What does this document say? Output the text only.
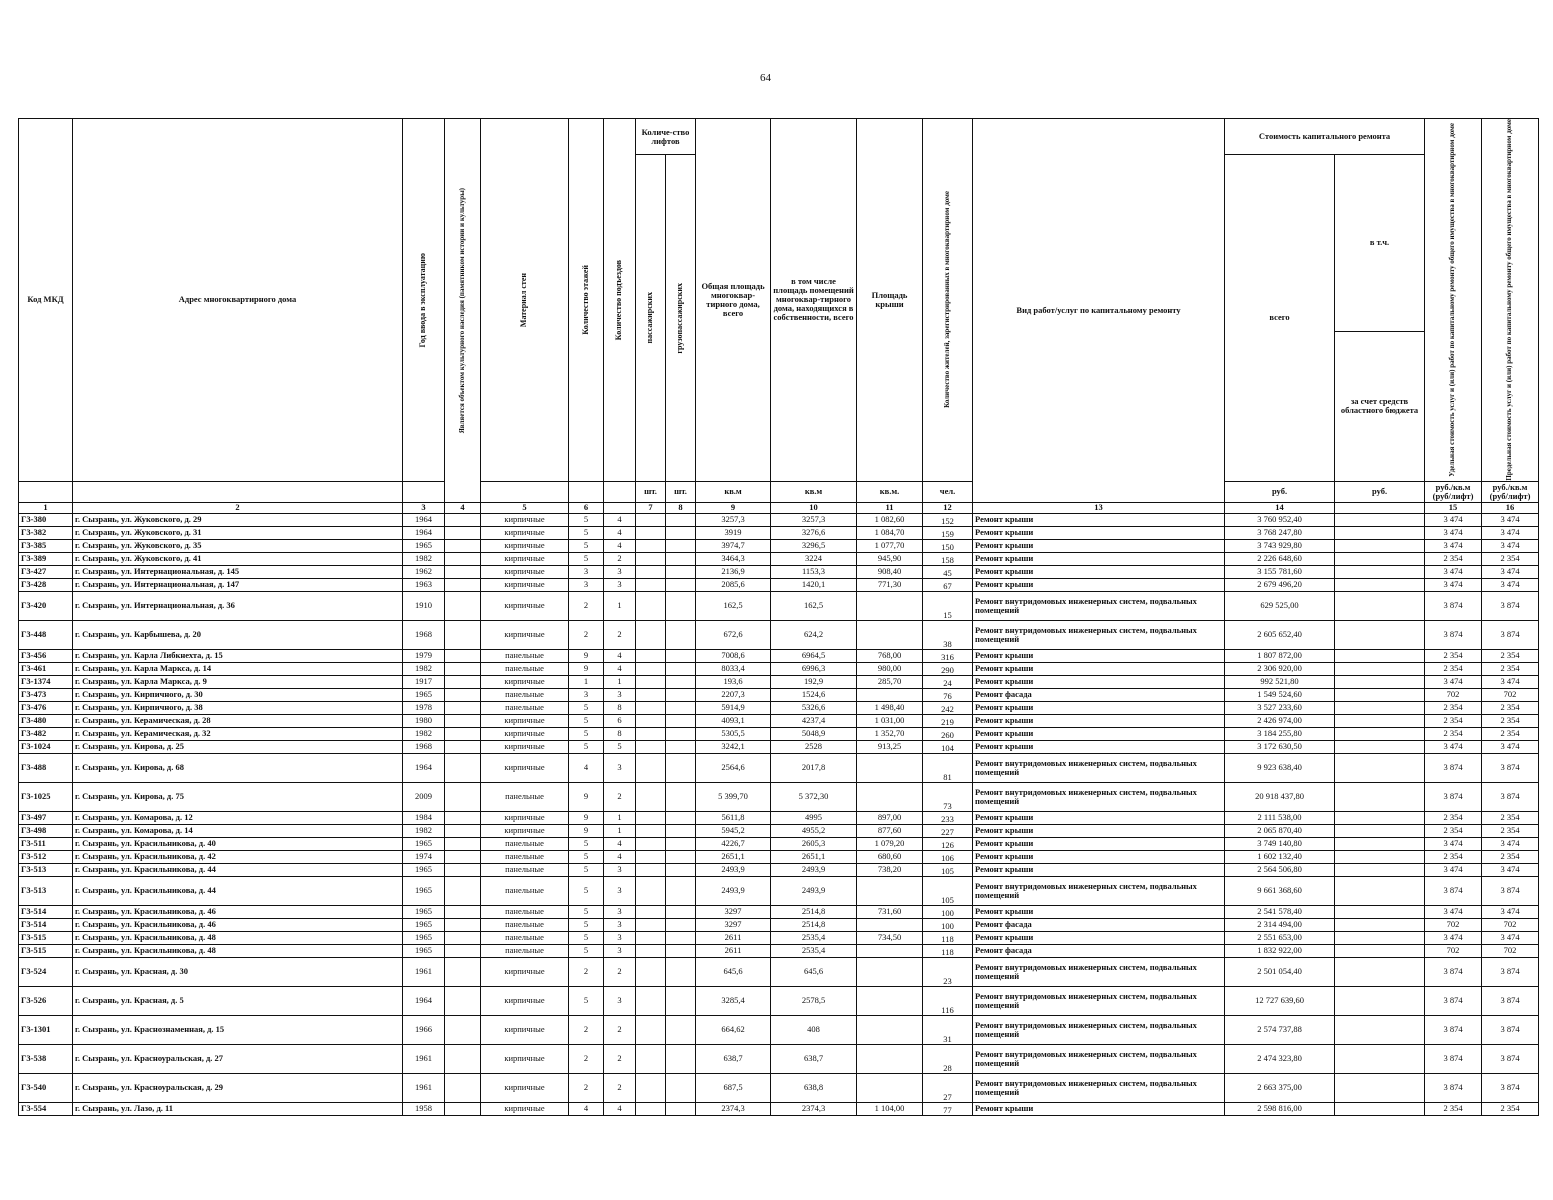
64
Код МКД	Адрес многоквартирного дома	Год ввода в эксплуатацию	Является объектом культурного наследия (памятником истории и культуры)	Материал стен	Количество этажей	Количество подъездов	Количе-ство лифтов		Общая площадь многоквар-тирного дома, всего	в том числе площадь помещений многоквар-тирного дома, находящихся в собственности, всего	Площадь крыши	Количество жителей, зарегистрированных в многоквартирном доме	Вид работ/услуг по капитальному ремонту	Стоимость капитального ремонта		Удельная стоимость услуг и (или) работ по капитальному ремонту общего имущества в многоквартирном доме	Предельная стоимость услуг и (или) работ по капитальному ремонту общего имущества в многоквартирном доме

							пассажирских	грузопассажирских						всего	в т.ч.		
															за счет средств областного бюджета		
							шт.	шт.	кв.м	кв.м	кв.м.	чел.		руб.	руб.	руб./кв.м (руб/лифт)	руб./кв.м (руб/лифт)
1	2	3	4	5	6		7	8	9	10	11	12	13	14		15	16
Г3-380	г. Сызрань, ул. Жуковского, д. 29	1964		кирпичные	5	4			3257,3	3257,3	1 082,60	152	Ремонт крыши	3 760 952,40		3 474	3 474
Г3-382	г. Сызрань, ул. Жуковского, д. 31	1964		кирпичные	5	4			3919	3276,6	1 084,70	159	Ремонт крыши	3 768 247,80		3 474	3 474
Г3-385	г. Сызрань, ул. Жуковского, д. 35	1965		кирпичные	5	4			3974,7	3296,5	1 077,70	150	Ремонт крыши	3 743 929,80		3 474	3 474
Г3-389	г. Сызрань, ул. Жуковского, д. 41	1982		кирпичные	5	2			3464,3	3224	945,90	158	Ремонт крыши	2 226 648,60		2 354	2 354
Г3-427	г. Сызрань, ул. Интернациональная, д. 145	1962		кирпичные	3	3			2136,9	1153,3	908,40	45	Ремонт крыши	3 155 781,60		3 474	3 474
Г3-428	г. Сызрань, ул. Интернациональная, д. 147	1963		кирпичные	3	3			2085,6	1420,1	771,30	67	Ремонт крыши	2 679 496,20		3 474	3 474
Г3-420	г. Сызрань, ул. Интернациональная, д. 36	1910		кирпичные	2	1			162,5	162,5		15	Ремонт внутридомовых инженерных систем, подвальных помещений	629 525,00		3 874	3 874
Г3-448	г. Сызрань, ул. Карбышева, д. 20	1968		кирпичные	2	2			672,6	624,2		38	Ремонт внутридомовых инженерных систем, подвальных помещений	2 605 652,40		3 874	3 874
Г3-456	г. Сызрань, ул. Карла Либкнехта, д. 15	1979		панельные	9	4			7008,6	6964,5	768,00	316	Ремонт крыши	1 807 872,00		2 354	2 354
Г3-461	г. Сызрань, ул. Карла Маркса, д. 14	1982		панельные	9	4			8033,4	6996,3	980,00	290	Ремонт крыши	2 306 920,00		2 354	2 354
Г3-1374	г. Сызрань, ул. Карла Маркса, д. 9	1917		кирпичные	1	1			193,6	192,9	285,70	24	Ремонт крыши	992 521,80		3 474	3 474
Г3-473	г. Сызрань, ул. Кирпичного, д. 30	1965		панельные	3	3			2207,3	1524,6		76	Ремонт фасада	1 549 524,60		702	702
Г3-476	г. Сызрань, ул. Кирпичного, д. 38	1978		панельные	5	8			5914,9	5326,6	1 498,40	242	Ремонт крыши	3 527 233,60		2 354	2 354
Г3-480	г. Сызрань, ул. Керамическая, д. 28	1980		кирпичные	5	6			4093,1	4237,4	1 031,00	219	Ремонт крыши	2 426 974,00		2 354	2 354
Г3-482	г. Сызрань, ул. Керамическая, д. 32	1982		кирпичные	5	8			5305,5	5048,9	1 352,70	260	Ремонт крыши	3 184 255,80		2 354	2 354
Г3-1024	г. Сызрань, ул. Кирова, д. 25	1968		кирпичные	5	5			3242,1	2528	913,25	104	Ремонт крыши	3 172 630,50		3 474	3 474
Г3-488	г. Сызрань, ул. Кирова, д. 68	1964		кирпичные	4	3			2564,6	2017,8		81	Ремонт внутридомовых инженерных систем, подвальных помещений	9 923 638,40		3 874	3 874
Г3-1025	г. Сызрань, ул. Кирова, д. 75	2009		панельные	9	2			5 399,70	5 372,30		73	Ремонт внутридомовых инженерных систем, подвальных помещений	20 918 437,80		3 874	3 874
Г3-497	г. Сызрань, ул. Комарова, д. 12	1984		кирпичные	9	1			5611,8	4995	897,00	233	Ремонт крыши	2 111 538,00		2 354	2 354
Г3-498	г. Сызрань, ул. Комарова, д. 14	1982		кирпичные	9	1			5945,2	4955,2	877,60	227	Ремонт крыши	2 065 870,40		2 354	2 354
Г3-511	г. Сызрань, ул. Красильникова, д. 40	1965		панельные	5	4			4226,7	2605,3	1 079,20	126	Ремонт крыши	3 749 140,80		3 474	3 474
Г3-512	г. Сызрань, ул. Красильникова, д. 42	1974		панельные	5	4			2651,1	2651,1	680,60	106	Ремонт крыши	1 602 132,40		2 354	2 354
Г3-513	г. Сызрань, ул. Красильникова, д. 44	1965		панельные	5	3			2493,9	2493,9	738,20	105	Ремонт крыши	2 564 506,80		3 474	3 474
Г3-513	г. Сызрань, ул. Красильникова, д. 44	1965		панельные	5	3			2493,9	2493,9		105	Ремонт внутридомовых инженерных систем, подвальных помещений	9 661 368,60		3 874	3 874
Г3-514	г. Сызрань, ул. Красильникова, д. 46	1965		панельные	5	3			3297	2514,8	731,60	100	Ремонт крыши	2 541 578,40		3 474	3 474
Г3-514	г. Сызрань, ул. Красильникова, д. 46	1965		панельные	5	3			3297	2514,8		100	Ремонт фасада	2 314 494,00		702	702
Г3-515	г. Сызрань, ул. Красильникова, д. 48	1965		панельные	5	3			2611	2535,4	734,50	118	Ремонт крыши	2 551 653,00		3 474	3 474
Г3-515	г. Сызрань, ул. Красильникова, д. 48	1965		панельные	5	3			2611	2535,4		118	Ремонт фасада	1 832 922,00		702	702
Г3-524	г. Сызрань, ул. Красная, д. 30	1961		кирпичные	2	2			645,6	645,6		23	Ремонт внутридомовых инженерных систем, подвальных помещений	2 501 054,40		3 874	3 874
Г3-526	г. Сызрань, ул. Красная, д. 5	1964		кирпичные	5	3			3285,4	2578,5		116	Ремонт внутридомовых инженерных систем, подвальных помещений	12 727 639,60		3 874	3 874
Г3-1301	г. Сызрань, ул. Краснознаменная, д. 15	1966		кирпичные	2	2			664,62	408		31	Ремонт внутридомовых инженерных систем, подвальных помещений	2 574 737,88		3 874	3 874
Г3-538	г. Сызрань, ул. Красноуральская, д. 27	1961		кирпичные	2	2			638,7	638,7		28	Ремонт внутридомовых инженерных систем, подвальных помещений	2 474 323,80		3 874	3 874
Г3-540	г. Сызрань, ул. Красноуральская, д. 29	1961		кирпичные	2	2			687,5	638,8		27	Ремонт внутридомовых инженерных систем, подвальных помещений	2 663 375,00		3 874	3 874
Г3-554	г. Сызрань, ул. Лазо, д. 11	1958		кирпичные	4	4			2374,3	2374,3	1 104,00	77	Ремонт крыши	2 598 816,00		2 354	2 354
